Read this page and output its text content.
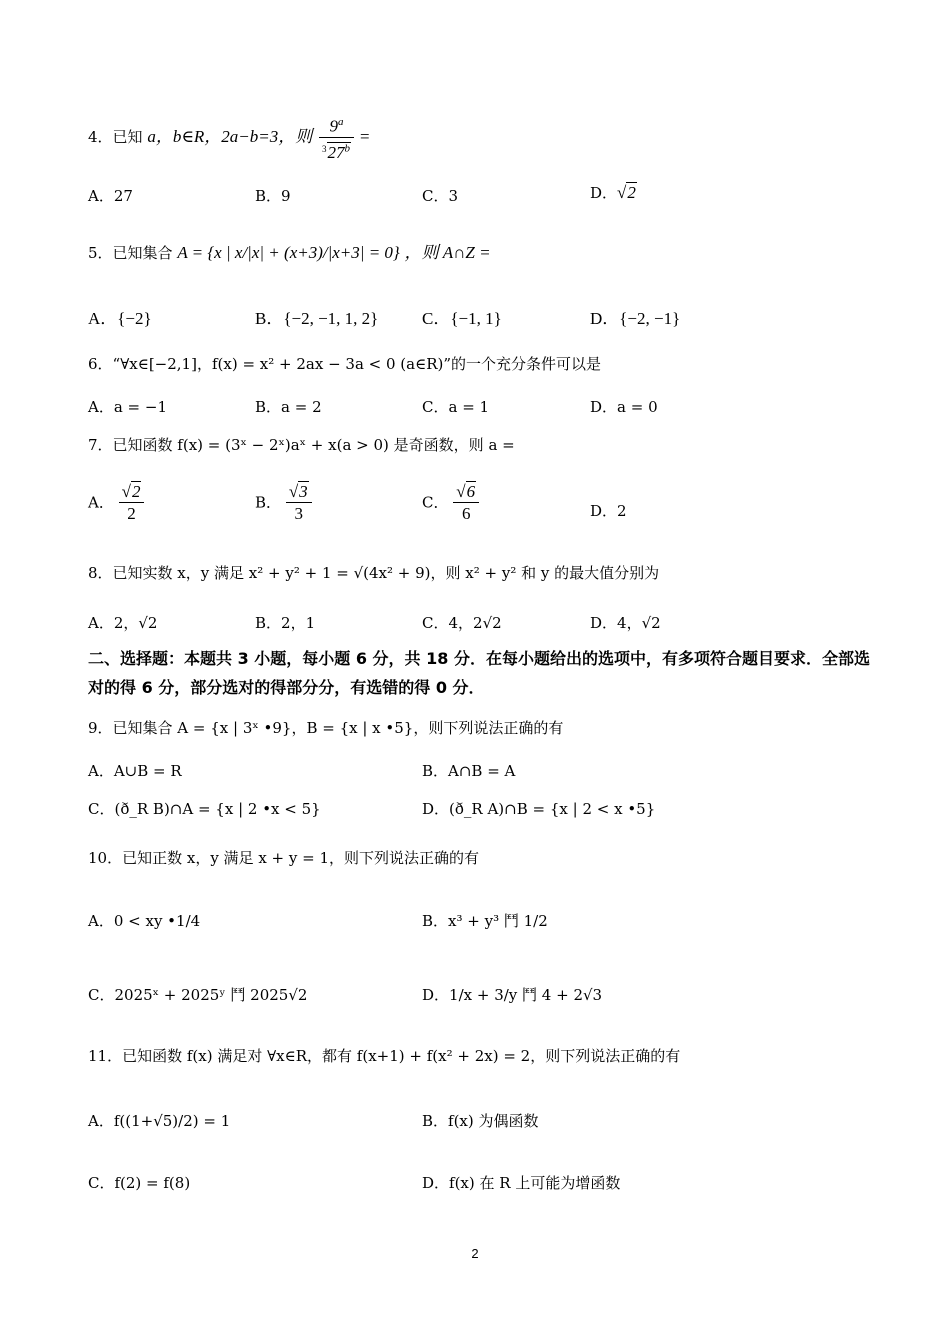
4．已知 a，b∈R，2a−b=3，则 $\frac{9^a}{^327^b}$ =
A．27	B．9	C．3	D．√2
5．已知集合 A = {x | x/|x| + (x+3)/|x+3| = 0} ，则 A∩Z =
A．{−2}	B．{−2, −1, 1, 2}	C．{−1, 1}	D．{−2, −1}
6．“∀x∈[−2,1]，f(x) = x² + 2ax − 3a < 0 (a∈R)”的一个充分条件可以是
A．a = −1	B．a = 2	C．a = 1	D．a = 0
7．已知函数 f(x) = (3ˣ − 2ˣ)aˣ + x(a > 0) 是奇函数，则 a =
A． $\frac{√2}{2}$	B． $\frac{√3}{3}$	C． $\frac{√6}{6}$	D．2
8．已知实数 x，y 满足 x² + y² + 1 = √(4x² + 9)，则 x² + y² 和 y 的最大值分别为
A．2，√2	B．2，1	C．4，2√2	D．4，√2
二、选择题：本题共 3 小题，每小题 6 分，共 18 分．在每小题给出的选项中，有多项符合题目要求．全部选对的得 6 分，部分选对的得部分分，有选错的得 0 分．
9．已知集合 A = {x | 3ˣ •9}，B = {x | x •5}，则下列说法正确的有
A．A∪B = R	B．A∩B = A
C．(ð_R B)∩A = {x | 2 •x < 5}	D．(ð_R A)∩B = {x | 2 < x •5}
10．已知正数 x，y 满足 x + y = 1，则下列说法正确的有
A．0 < xy •1/4	B．x³ + y³ 鬥 1/2
C．2025ˣ + 2025ʸ 鬥 2025√2	D．1/x + 3/y 鬥 4 + 2√3
11．已知函数 f(x) 满足对 ∀x∈R，都有 f(x+1) + f(x² + 2x) = 2，则下列说法正确的有
A．f((1+√5)/2) = 1	B．f(x) 为偶函数
C．f(2) = f(8)	D．f(x) 在 R 上可能为增函数
2
